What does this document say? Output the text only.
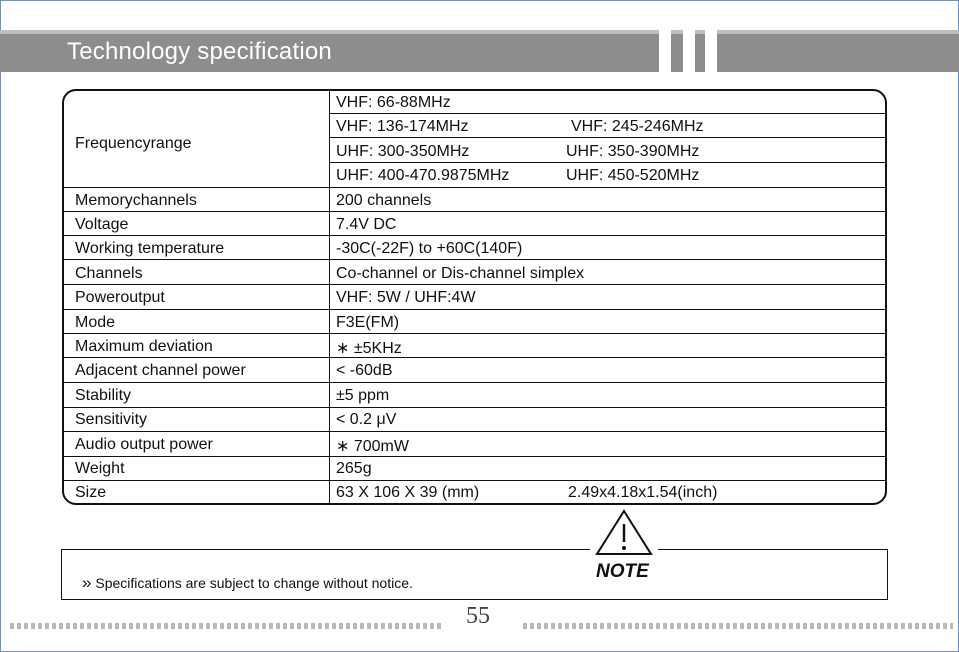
Technology specification
Frequencyrange
VHF: 66-88MHz
VHF: 136-174MHz	VHF: 245-246MHz
UHF: 300-350MHz	UHF: 350-390MHz
UHF: 400-470.9875MHz	UHF: 450-520MHz
Memorychannels	200 channels
Voltage	7.4V DC
Working temperature	-30C(-22F) to +60C(140F)
Channels	Co-channel or Dis-channel simplex
Poweroutput	VHF: 5W / UHF:4W
Mode	F3E(FM)
Maximum deviation	∗ ±5KHz
Adjacent channel power	< -60dB
Stability	±5 ppm
Sensitivity	< 0.2 μV
Audio output power	∗ 700mW
Weight	265g
Size	63 X 106 X 39 (mm)	2.49x4.18x1.54(inch)
» Specifications are subject to change without notice.
NOTE
55
